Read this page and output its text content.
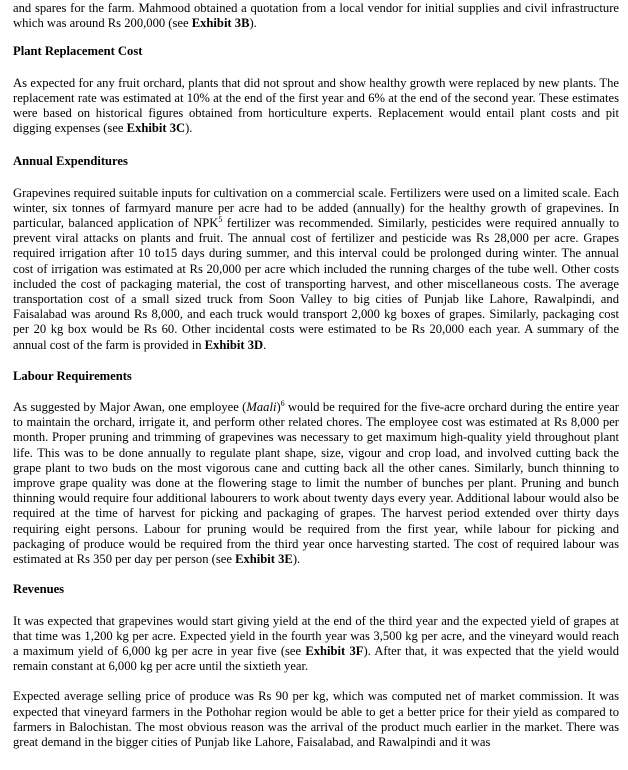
and spares for the farm. Mahmood obtained a quotation from a local vendor for initial supplies and civil infrastructure which was around Rs 200,000 (see Exhibit 3B).

Plant Replacement Cost

As expected for any fruit orchard, plants that did not sprout and show healthy growth were replaced by new plants. The replacement rate was estimated at 10% at the end of the first year and 6% at the end of the second year. These estimates were based on historical figures obtained from horticulture experts. Replacement would entail plant costs and pit digging expenses (see Exhibit 3C).

Annual Expenditures

Grapevines required suitable inputs for cultivation on a commercial scale. Fertilizers were used on a limited scale. Each winter, six tonnes of farmyard manure per acre had to be added (annually) for the healthy growth of grapevines. In particular, balanced application of NPK$^5$ fertilizer was recommended. Similarly, pesticides were required annually to prevent viral attacks on plants and fruit. The annual cost of fertilizer and pesticide was Rs 28,000 per acre. Grapes required irrigation after 10 to15 days during summer, and this interval could be prolonged during winter. The annual cost of irrigation was estimated at Rs 20,000 per acre which included the running charges of the tube well. Other costs included the cost of packaging material, the cost of transporting harvest, and other miscellaneous costs. The average transportation cost of a small sized truck from Soon Valley to big cities of Punjab like Lahore, Rawalpindi, and Faisalabad was around Rs 8,000, and each truck would transport 2,000 kg boxes of grapes. Similarly, packaging cost per 20 kg box would be Rs 60. Other incidental costs were estimated to be Rs 20,000 each year. A summary of the annual cost of the farm is provided in Exhibit 3D.

Labour Requirements

As suggested by Major Awan, one employee (Maali)$^6$ would be required for the five-acre orchard during the entire year to maintain the orchard, irrigate it, and perform other related chores. The employee cost was estimated at Rs 8,000 per month. Proper pruning and trimming of grapevines was necessary to get maximum high-quality yield throughout plant life. This was to be done annually to regulate plant shape, size, vigour and crop load, and involved cutting back the grape plant to two buds on the most vigorous cane and cutting back all the other canes. Similarly, bunch thinning to improve grape quality was done at the flowering stage to limit the number of bunches per plant. Pruning and bunch thinning would require four additional labourers to work about twenty days every year. Additional labour would also be required at the time of harvest for picking and packaging of grapes. The harvest period extended over thirty days requiring eight persons. Labour for pruning would be required from the first year, while labour for picking and packaging of produce would be required from the third year once harvesting started. The cost of required labour was estimated at Rs 350 per day per person (see Exhibit 3E).

Revenues

It was expected that grapevines would start giving yield at the end of the third year and the expected yield of grapes at that time was 1,200 kg per acre. Expected yield in the fourth year was 3,500 kg per acre, and the vineyard would reach a maximum yield of 6,000 kg per acre in year five (see Exhibit 3F). After that, it was expected that the yield would remain constant at 6,000 kg per acre until the sixtieth year.

Expected average selling price of produce was Rs 90 per kg, which was computed net of market commission. It was expected that vineyard farmers in the Pothohar region would be able to get a better price for their yield as compared to farmers in Balochistan. The most obvious reason was the arrival of the product much earlier in the market. There was great demand in the bigger cities of Punjab like Lahore, Faisalabad, and Rawalpindi and it was
